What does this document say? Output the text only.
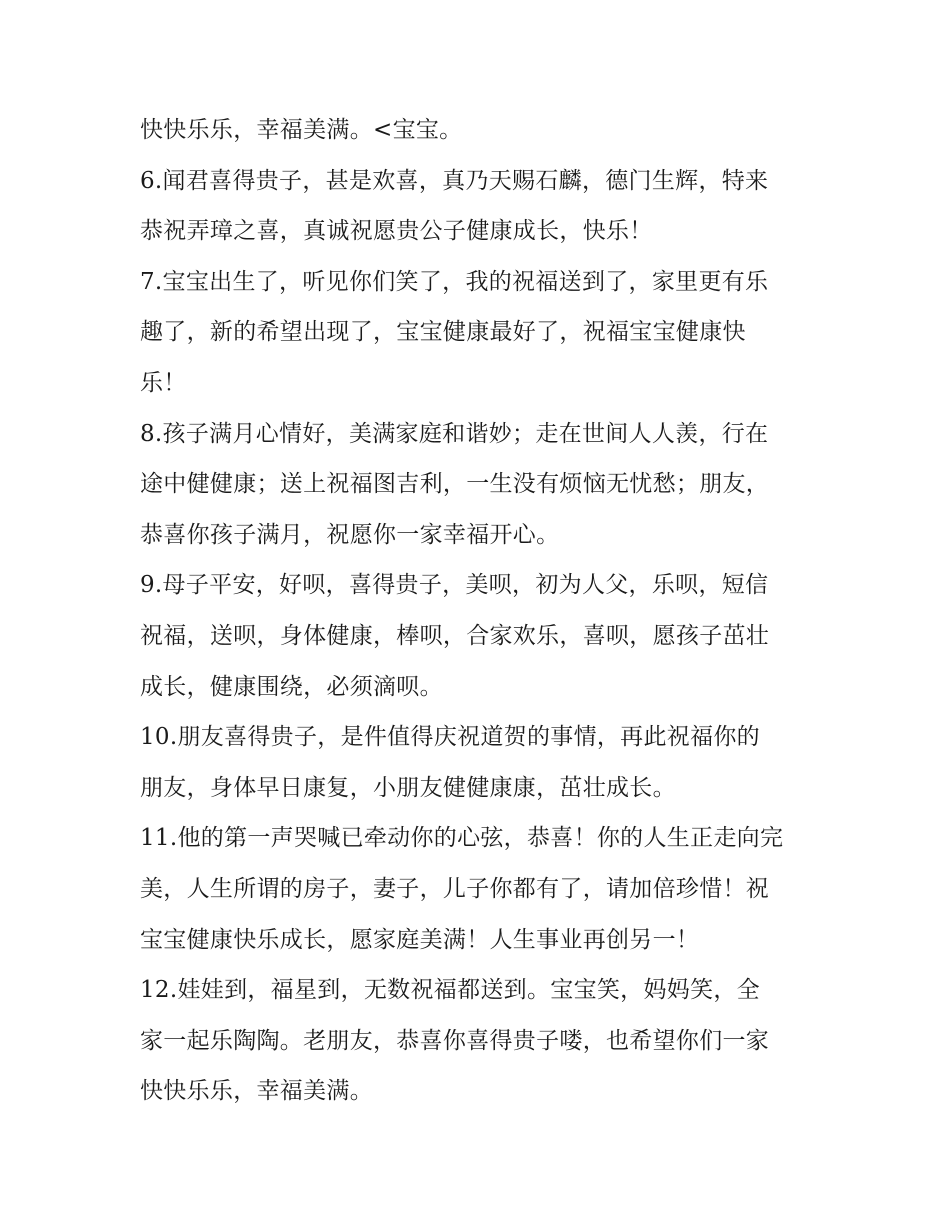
快快乐乐，幸福美满。<宝宝。
6.闻君喜得贵子，甚是欢喜，真乃天赐石麟，德门生辉，特来
恭祝弄璋之喜，真诚祝愿贵公子健康成长，快乐！
7.宝宝出生了，听见你们笑了，我的祝福送到了，家里更有乐
趣了，新的希望出现了，宝宝健康最好了，祝福宝宝健康快
乐！
8.孩子满月心情好，美满家庭和谐妙；走在世间人人羡，行在
途中健健康；送上祝福图吉利，一生没有烦恼无忧愁；朋友，
恭喜你孩子满月，祝愿你一家幸福开心。
9.母子平安，好呗，喜得贵子，美呗，初为人父，乐呗，短信
祝福，送呗，身体健康，棒呗，合家欢乐，喜呗，愿孩子茁壮
成长，健康围绕，必须滴呗。
10.朋友喜得贵子，是件值得庆祝道贺的事情，再此祝福你的
朋友，身体早日康复，小朋友健健康康，茁壮成长。
11.他的第一声哭喊已牵动你的心弦，恭喜！你的人生正走向完
美，人生所谓的房子，妻子，儿子你都有了，请加倍珍惜！祝
宝宝健康快乐成长，愿家庭美满！人生事业再创另一！
12.娃娃到，福星到，无数祝福都送到。宝宝笑，妈妈笑，全
家一起乐陶陶。老朋友，恭喜你喜得贵子喽，也希望你们一家
快快乐乐，幸福美满。
